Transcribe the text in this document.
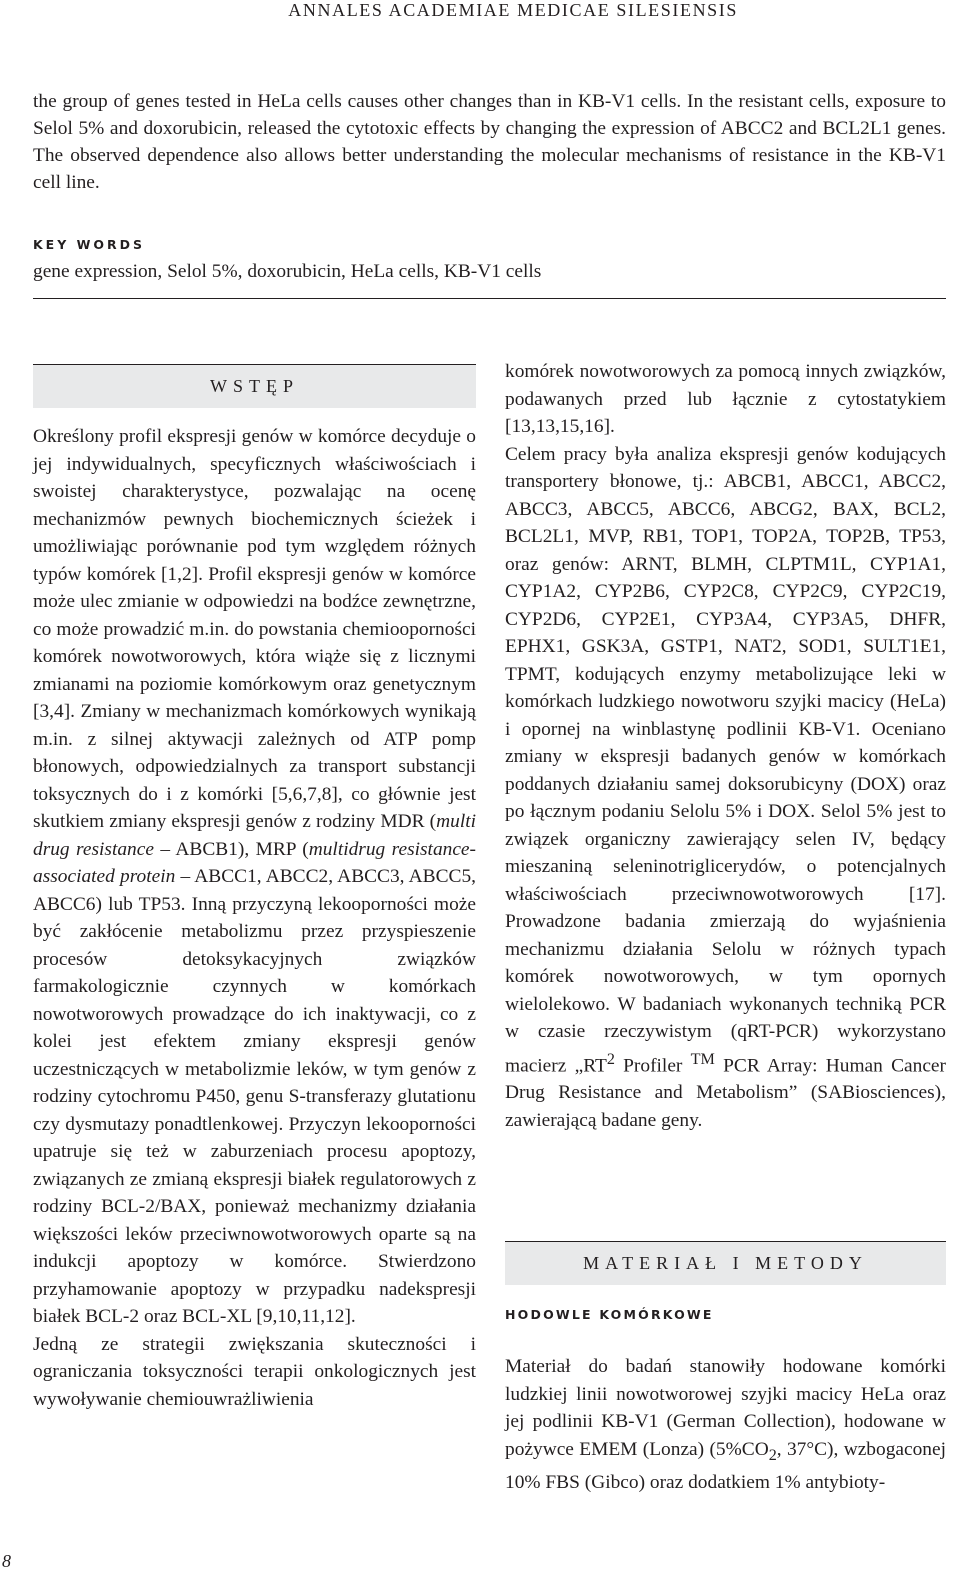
ANNALES ACADEMIAE MEDICAE SILESIENSIS

the group of genes tested in HeLa cells causes other changes than in KB-V1 cells. In the resistant cells, exposure to Selol 5% and doxorubicin, released the cytotoxic effects by changing the expression of ABCC2 and BCL2L1 genes. The observed dependence also allows better understanding the molecular mechanisms of resistance in the KB-V1 cell line.

KEY WORDS

gene expression, Selol 5%, doxorubicin, HeLa cells, KB-V1 cells

WSTĘP

Określony profil ekspresji genów w komórce decyduje o jej indywidualnych, specyficznych właściwościach i swoistej charakterystyce, pozwalając na ocenę mechanizmów pewnych biochemicznych ścieżek i umożliwiając porównanie pod tym względem różnych typów komórek [1,2]. Profil ekspresji genów w komórce może ulec zmianie w odpowiedzi na bodźce zewnętrzne, co może prowadzić m.in. do powstania chemiooporności komórek nowotworowych, która wiąże się z licznymi zmianami na poziomie komórkowym oraz genetycznym [3,4]. Zmiany w mechanizmach komórkowych wynikają m.in. z silnej aktywacji zależnych od ATP pomp błonowych, odpowiedzialnych za transport substancji toksycznych do i z komórki [5,6,7,8], co głównie jest skutkiem zmiany ekspresji genów z rodziny MDR (multi drug resistance – ABCB1), MRP (multidrug resistance-associated protein – ABCC1, ABCC2, ABCC3, ABCC5, ABCC6) lub TP53. Inną przyczyną lekooporności może być zakłócenie metabolizmu przez przyspieszenie procesów detoksykacyjnych związków farmakologicznie czynnych w komórkach nowotworowych prowadzące do ich inaktywacji, co z kolei jest efektem zmiany ekspresji genów uczestniczących w metabolizmie leków, w tym genów z rodziny cytochromu P450, genu S-transferazy glutationu czy dysmutazy ponadtlenkowej. Przyczyn lekooporności upatruje się też w zaburzeniach procesu apoptozy, związanych ze zmianą ekspresji białek regulatorowych z rodziny BCL-2/BAX, ponieważ mechanizmy działania większości leków przeciwnowotworowych oparte są na indukcji apoptozy w komórce. Stwierdzono przyhamowanie apoptozy w przypadku nadekspresji białek BCL-2 oraz BCL-XL [9,10,11,12].

Jedną ze strategii zwiększania skuteczności i ograniczania toksyczności terapii onkologicznych jest wywoływanie chemiouwrażliwienia

komórek nowotworowych za pomocą innych związków, podawanych przed lub łącznie z cytostatykiem [13,13,15,16].

Celem pracy była analiza ekspresji genów kodujących transportery błonowe, tj.: ABCB1, ABCC1, ABCC2, ABCC3, ABCC5, ABCC6, ABCG2, BAX, BCL2, BCL2L1, MVP, RB1, TOP1, TOP2A, TOP2B, TP53, oraz genów: ARNT, BLMH, CLPTM1L, CYP1A1, CYP1A2, CYP2B6, CYP2C8, CYP2C9, CYP2C19, CYP2D6, CYP2E1, CYP3A4, CYP3A5, DHFR, EPHX1, GSK3A, GSTP1, NAT2, SOD1, SULT1E1, TPMT, kodujących enzymy metabolizujące leki w komórkach ludzkiego nowotworu szyjki macicy (HeLa) i opornej na winblastynę podlinii KB-V1. Oceniano zmiany w ekspresji badanych genów w komórkach poddanych działaniu samej doksorubicyny (DOX) oraz po łącznym podaniu Selolu 5% i DOX. Selol 5% jest to związek organiczny zawierający selen IV, będący mieszaniną seleninotriglicerydów, o potencjalnych właściwościach przeciwnowotworowych [17]. Prowadzone badania zmierzają do wyjaśnienia mechanizmu działania Selolu w różnych typach komórek nowotworowych, w tym opornych wielolekowo. W badaniach wykonanych techniką PCR w czasie rzeczywistym (qRT-PCR) wykorzystano macierz $„RT^2$ Profiler ™ PCR Array: Human Cancer Drug Resistance and Metabolism” (SABiosciences), zawierającą badane geny.

MATERIAŁ I METODY
HODOWLE KOMÓRKOWE

Materiał do badań stanowiły hodowane komórki ludzkiej linii nowotworowej szyjki macicy HeLa oraz jej podlinii KB-V1 (German Collection), hodowane w pożywce EMEM (Lonza) ($5\%CO_2$, 37°C), wzbogaconej 10% FBS (Gibco) oraz dodatkiem 1% antybioty-

8
